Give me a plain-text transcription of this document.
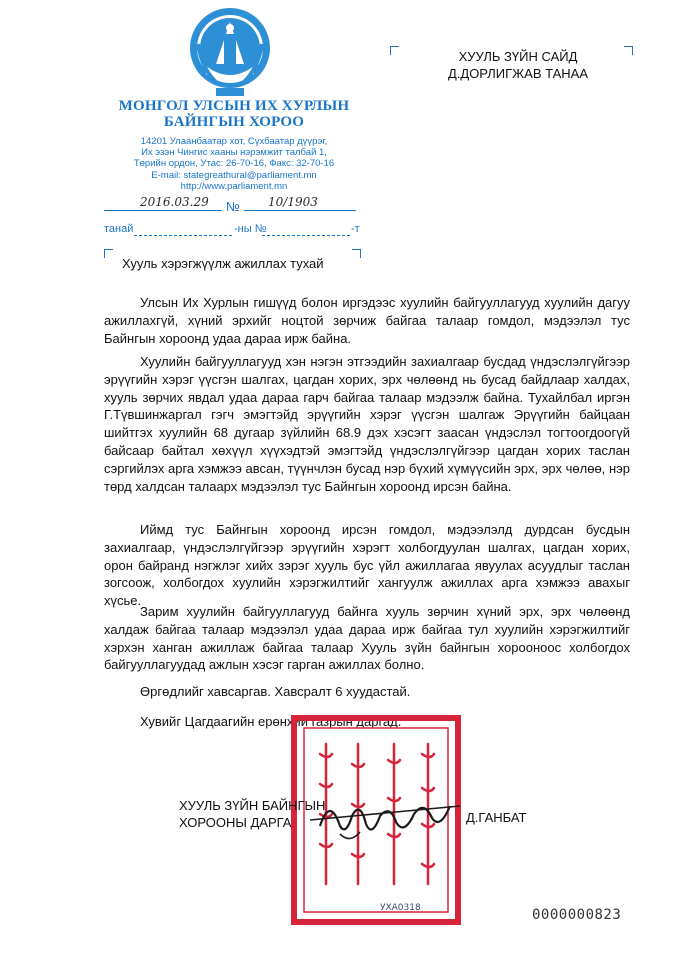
МОНГОЛ УЛСЫН ИХ ХУРЛЫН
БАЙНГЫН ХОРОО
14201 Улаанбаатар хот, Сүхбаатар дүүрэг,
Их эзэн Чингис хааны нэрэмжит талбай 1,
Төрийн ордон, Утас: 26-70-16, Факс: 32-70-16
E-mail: stategreathural@parliament.mn
http://www.parliament.mn
2016.03.29 № 10/1903
танай	-ны №	-т
ХУУЛЬ ЗҮЙН САЙД
Д.ДОРЛИГЖАВ ТАНАА
Хууль хэрэгжүүлж ажиллах тухай
Улсын Их Хурлын гишүүд болон иргэдээс хуулийн байгууллагууд хуулийн дагуу ажиллахгүй, хүний эрхийг ноцтой зөрчиж байгаа талаар гомдол, мэдээлэл тус Байнгын хороонд удаа дараа ирж байна.
Хуулийн байгууллагууд хэн нэгэн этгээдийн захиалгаар бусдад үндэслэлгүйгээр эрүүгийн хэрэг үүсгэн шалгах, цагдан хорих, эрх чөлөөнд нь бусад байдлаар халдах, хууль зөрчих явдал удаа дараа гарч байгаа талаар мэдээлж байна. Тухайлбал иргэн Г.Түвшинжаргал гэгч эмэгтэйд эрүүгийн хэрэг үүсгэн шалгаж Эрүүгийн байцаан шийтгэх хуулийн 68 дугаар зүйлийн 68.9 дэх хэсэгт заасан үндэслэл тогтоогдоогүй байсаар байтал хөхүүл хүүхэдтэй эмэгтэйд үндэслэлгүйгээр цагдан хорих таслан сэргийлэх арга хэмжээ авсан, түүнчлэн бусад нэр бүхий хүмүүсийн эрх, эрх чөлөө, нэр төрд халдсан талаарх мэдээлэл тус Байнгын хороонд ирсэн байна.
Иймд тус Байнгын хороонд ирсэн гомдол, мэдээлэлд дурдсан бусдын захиалгаар, үндэслэлгүйгээр эрүүгийн хэрэгт холбогдуулан шалгах, цагдан хорих, орон байранд нэгжлэг хийх зэрэг хууль бус үйл ажиллагаа явуулах асуудлыг таслан зогсоож, холбогдох хуулийн хэрэгжилтийг хангуулж ажиллах арга хэмжээ авахыг хүсье.
Зарим хуулийн байгууллагууд байнга хууль зөрчин хүний эрх, эрх чөлөөнд халдаж байгаа талаар мэдээлэл удаа дараа ирж байгаа тул хуулийн хэрэгжилтийг хэрхэн ханган ажиллаж байгаа талаар Хууль зүйн байнгын хорооноос холбогдох байгууллагуудад ажлын хэсэг гарган ажиллах болно.
Өргөдлийг хавсаргав. Хавсралт 6 хуудастай.
Хувийг Цагдаагийн ерөнхий газрын даргад.
УХА0318
ХУУЛЬ ЗҮЙН БАЙНГЫН
ХОРООНЫ ДАРГА	Д.ГАНБАТ
0000000823
